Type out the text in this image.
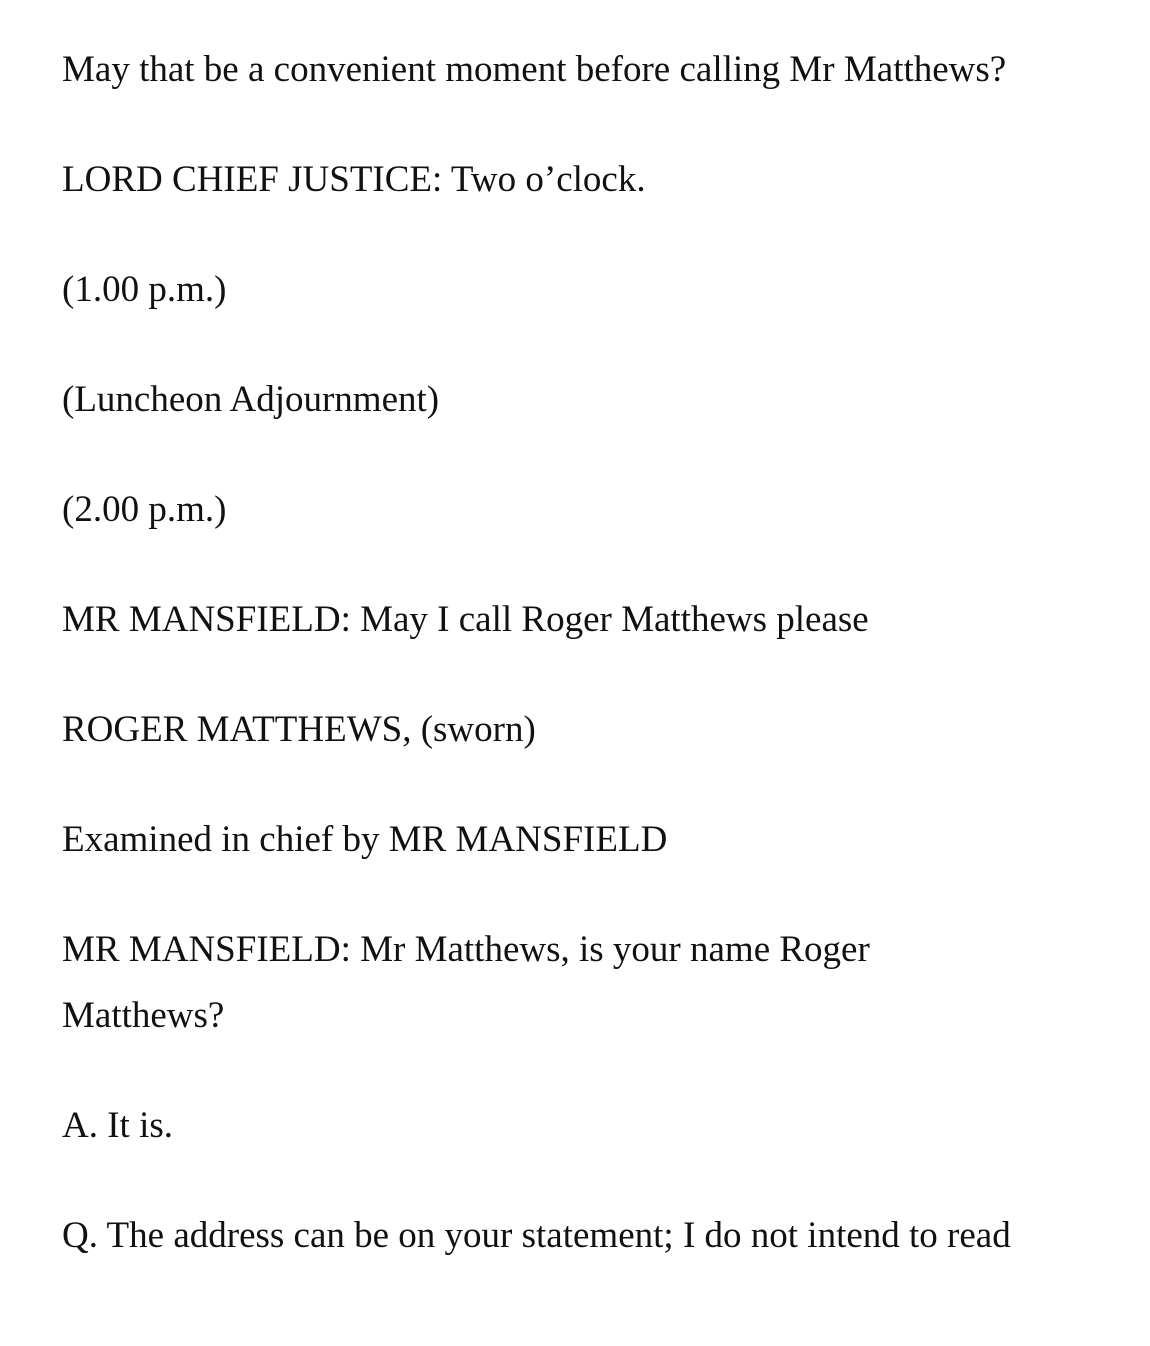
May that be a convenient moment before calling Mr Matthews?
LORD CHIEF JUSTICE: Two o’clock.
(1.00 p.m.)
(Luncheon Adjournment)
(2.00 p.m.)
MR MANSFIELD: May I call Roger Matthews please
ROGER MATTHEWS, (sworn)
Examined in chief by MR MANSFIELD
MR MANSFIELD: Mr Matthews, is your name Roger
Matthews?
A. It is.
Q. The address can be on your statement; I do not intend to read
